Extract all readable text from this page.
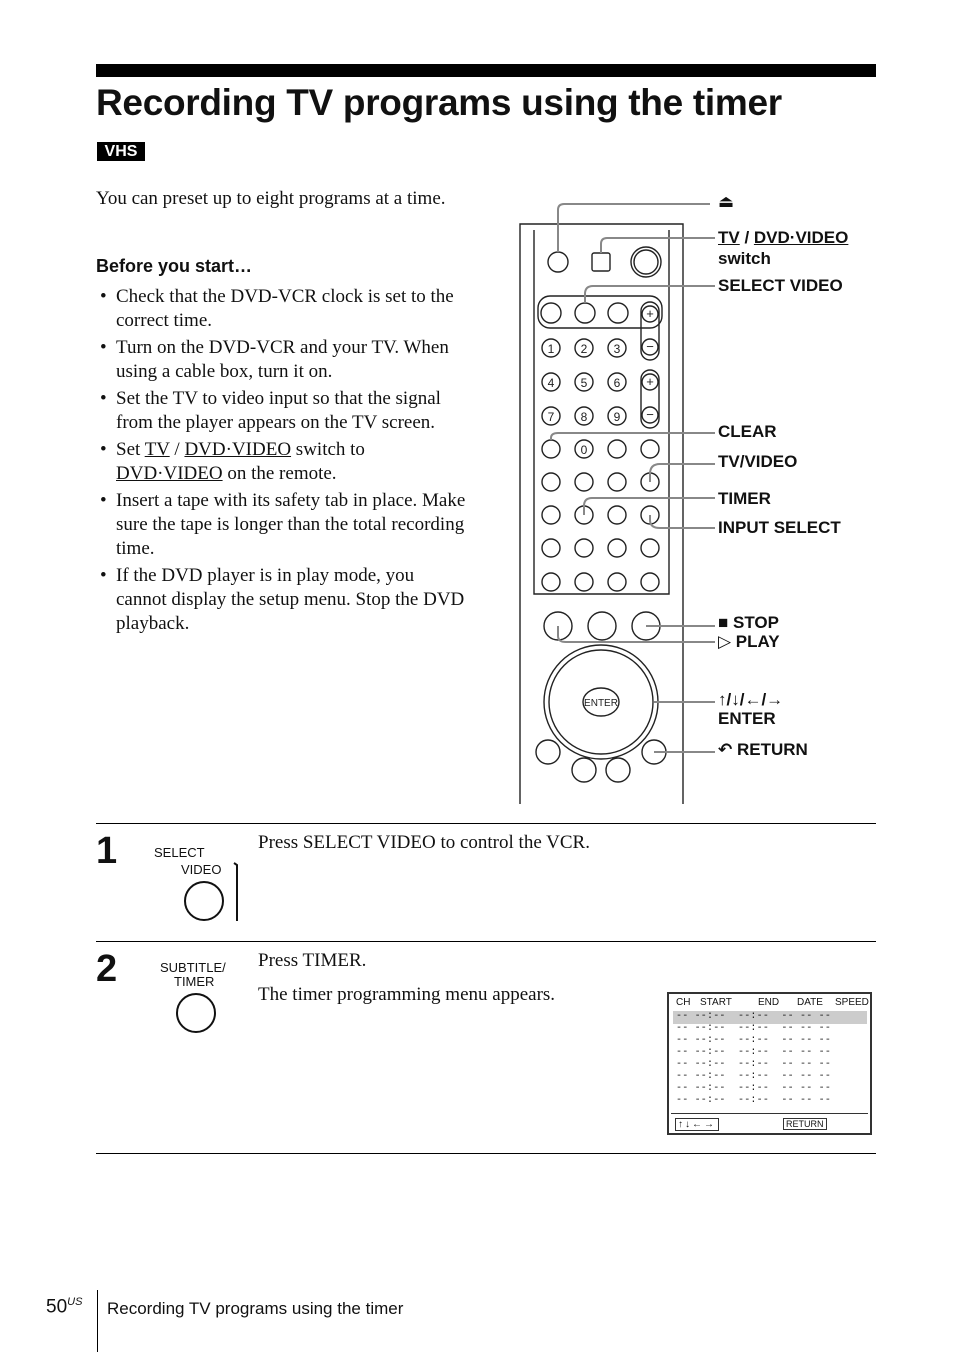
Recording TV programs using the timer
VHS

You can preset up to eight programs at a time.

Before you start…
• Check that the DVD-VCR clock is set to the correct time.
• Turn on the DVD-VCR and your TV. When using a cable box, turn it on.
• Set the TV to video input so that the signal from the player appears on the TV screen.
• Set TV / DVD·VIDEO switch to DVD·VIDEO on the remote.
• Insert a tape with its safety tab in place. Make sure the tape is longer than the total recording time.
• If the DVD player is in play mode, you cannot display the setup menu. Stop the DVD playback.
1 2 3
4 5 6
7 8 9
0
ENTER
+
−
+
−
⏏
TV / DVD·VIDEO
switch
SELECT VIDEO
CLEAR
TV/VIDEO
TIMER
INPUT SELECT
■ STOP
▷ PLAY
↑/↓/←/→
ENTER
↶ RETURN
1	SELECT
VIDEO

Press SELECT VIDEO to control the VCR.

2	SUBTITLE/
TIMER

Press TIMER.

The timer programming menu appears.	CH START	END DATE SPEED
-- --:--  --:--  -- -- --
-- --:--  --:--  -- -- --
-- --:--  --:--  -- -- --
-- --:--  --:--  -- -- --
-- --:--  --:--  -- -- --
-- --:--  --:--  -- -- --
-- --:--  --:--  -- -- --
-- --:--  --:--  -- -- --
↑↓←→	RETURN
$50^{US}$ Recording TV programs using the timer
